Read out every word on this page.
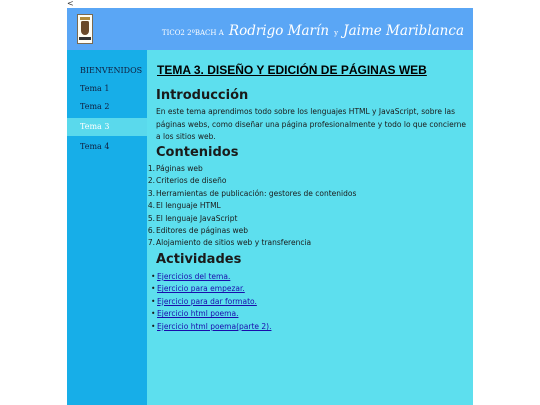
<
TICO2 2ºBACH A Rodrigo Marín y Jaime Mariblanca
BIENVENIDOS
Tema 1
Tema 2
Tema 3
Tema 4
TEMA 3. DISEÑO Y EDICIÓN DE PÁGINAS WEB
Introducción

En este tema aprendimos todo sobre los lenguajes HTML y JavaScript, sobre las páginas webs, como diseñar una página profesionalmente y todo lo que concierne a los sitios web.

Contenidos
1. Páginas web
2. Criterios de diseño
3. Herramientas de publicación: gestores de contenidos
4. El lenguaje HTML
5. El lenguaje JavaScript
6. Editores de páginas web
7. Alojamiento de sitios web y transferencia
Actividades
• Ejercicios del tema.
• Ejercicio para empezar.
• Ejercicio para dar formato.
• Ejercicio html poema.
• Ejercicio html poema(parte 2).
